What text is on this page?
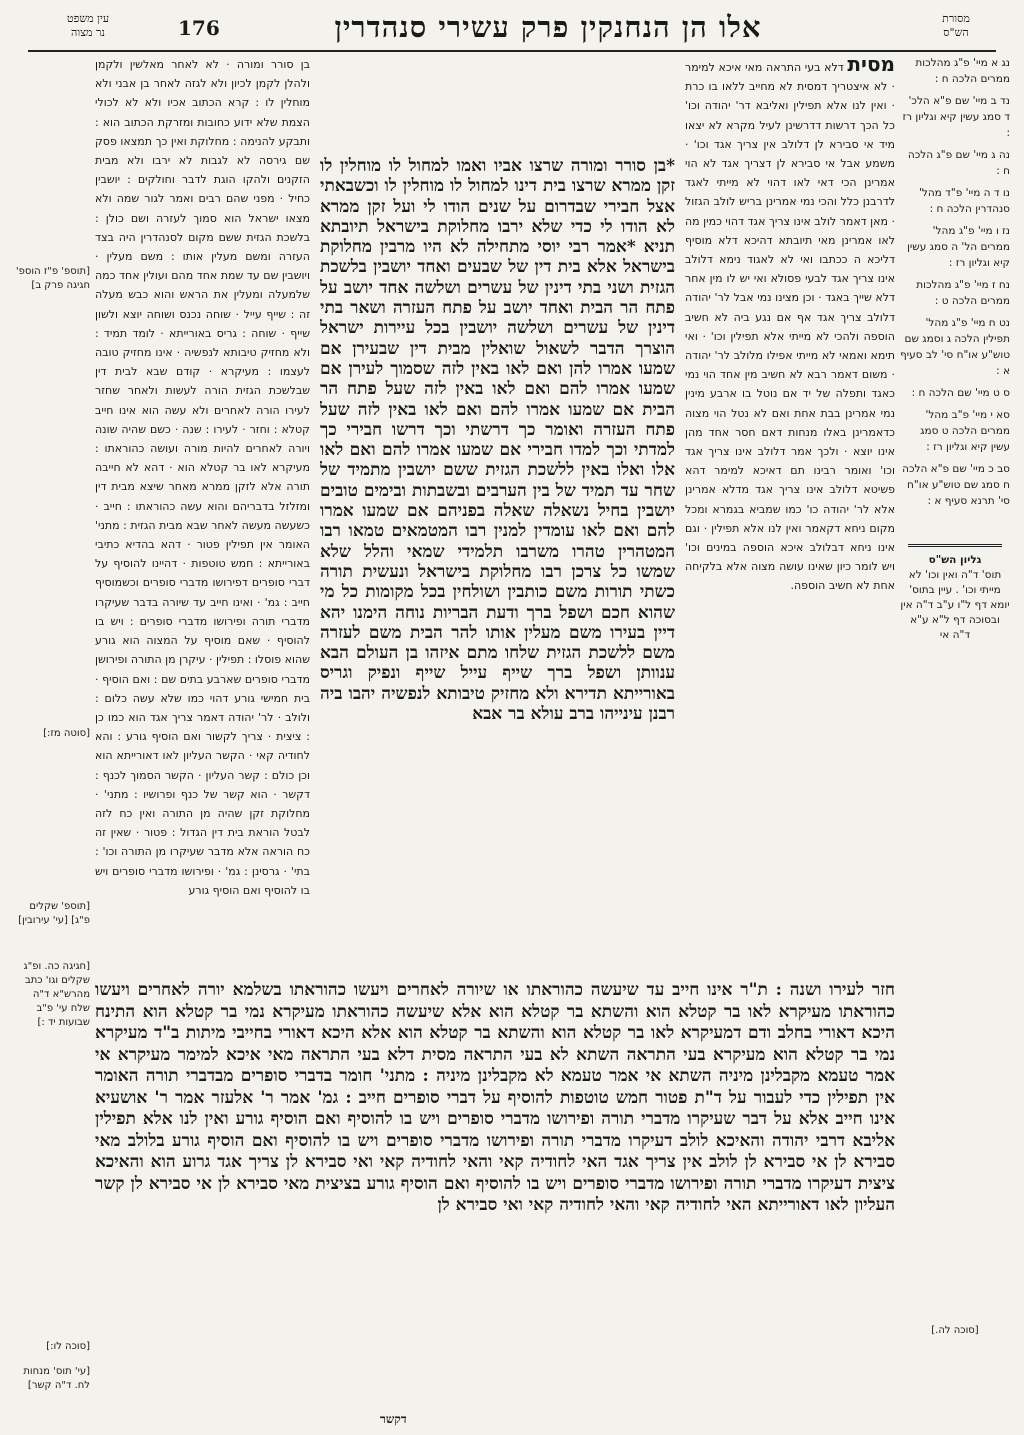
עין משפט
נר מצוה	176	אלו הן הנחנקין פרק עשירי סנהדרין	מסורת
הש"ס
נג א מיי' פ"ג מהלכות ממרים הלכה ח :
נד ב מיי' שם פ"א הלכ' ד סמג עשין קיא וגליון רז :
נה ג מיי' שם פ"ג הלכה ח :
נו ד ה מיי' פ"ד מהל' סנהדרין הלכה ח :
נז ו מיי' פ"ג מהל' ממרים הל' ה סמג עשין קיא וגליון רז :
נח ז מיי' פ"ג מהלכות ממרים הלכה ט :
נט ח מיי' פ"ג מהל' תפילין הלכה ג וסמג שם טוש"ע או"ח סי' לב סעיף א :
ס ט מיי' שם הלכה ח :
סא י מיי' פ"ב מהל' ממרים הלכה ט סמג עשין קיא וגליון רז :
סב כ מיי' שם פ"א הלכה ח סמג שם טוש"ע או"ח סי' תרנא סעיף א :
גליון הש"ס
תוס' ד"ה ואין וכו' לא מייתי וכו' . עיין בתוס' יומא דף ל"ו ע"ב ד"ה אין ובסוכה דף ל"א ע"א ד"ה אי
[סוכה לה.]
מסית דלא בעי התראה מאי איכא למימר · לא איצטריך דמסית לא מחייב ללאו בו כרת · ואין לנו אלא תפילין ואליבא דר' יהודה וכו' כל הכך דרשות דדרשינן לעיל מקרא לא יצאו מיד אי סבירא לן דלולב אין צריך אגד וכו' · משמע אבל אי סבירא לן דצריך אגד לא הוי אמרינן הכי דאי לאו דהוי לא מייתי לאגד לדרבנן כלל והכי נמי אמרינן בריש לולב הגזול · מאן דאמר לולב אינו צריך אגד דהוי כמין מה לאו אמרינן מאי תיובתא דהיכא דלא מוסיף דליכא ה ככתבו ואי לא לאגוד נימא דלולב אינו צריך אגד לבעי פסולא ואי יש לו מין אחר דלא שייך באגד · וכן מצינו נמי אבל לר' יהודה דלולב צריך אגד אף אם נגע ביה לא חשיב הוספה ולהכי לא מייתי אלא תפילין וכו' · ואי תימא ואמאי לא מייתי אפילו מלולב לר' יהודה · משום דאמר רבא לא חשיב מין אחד הוי נמי כאגד ותפלה של יד אם נוטל בו ארבע מינין נמי אמרינן בבת אחת ואם לא נטל הוי מצוה כדאמרינן באלו מנחות דאם חסר אחד מהן אינו יוצא · ולכך אמר דלולב אינו צריך אגד וכו' ואומר רבינו תם דאיכא למימר דהא פשיטא דלולב אינו צריך אגד מדלא אמרינן אלא לר' יהודה כו' כמו שמביא בגמרא ומכל מקום ניחא דקאמר ואין לנו אלא תפילין · וגם אינו ניחא דבלולב איכא הוספה במינים וכו' ויש לומר כיון שאינו עושה מצוה אלא בלקיחה אחת לא חשיב הוספה.
*בן סורר ומורה שרצו אביו ואמו למחול לו מוחלין לו זקן ממרא שרצו בית דינו למחול לו מוחלין לו וכשבאתי אצל חבירי שבדרום על שנים הודו לי ועל זקן ממרא לא הודו לי כדי שלא ירבו מחלוקת בישראל תיובתא תניא *אמר רבי יוסי מתחילה לא היו מרבין מחלוקת בישראל אלא בית דין של שבעים ואחד יושבין בלשכת הגזית ושני בתי דינין של עשרים ושלשה אחד יושב על פתח הר הבית ואחד יושב על פתח העזרה ושאר בתי דינין של עשרים ושלשה יושבין בכל עיירות ישראל הוצרך הדבר לשאול שואלין מבית דין שבעירן אם שמעו אמרו להן ואם לאו באין לזה שסמוך לעירן אם שמעו אמרו להם ואם לאו באין לזה שעל פתח הר הבית אם שמעו אמרו להם ואם לאו באין לזה שעל פתח העזרה ואומר כך דרשתי וכך דרשו חבירי כך למדתי וכך למדו חבירי אם שמעו אמרו להם ואם לאו אלו ואלו באין ללשכת הגזית ששם יושבין מתמיד של שחר עד תמיד של בין הערבים ובשבתות ובימים טובים יושבין בחיל נשאלה שאלה בפניהם אם שמעו אמרו להם ואם לאו עומדין למנין רבו המטמאים טמאו רבו המטהרין טהרו משרבו תלמידי שמאי והלל שלא שמשו כל צרכן רבו מחלוקת בישראל ונעשית תורה כשתי תורות משם כותבין ושולחין בכל מקומות כל מי שהוא חכם ושפל ברך ודעת הבריות נוחה הימנו יהא דיין בעירו משם מעלין אותו להר הבית משם לעזרה משם ללשכת הגזית שלחו מתם איזהו בן העולם הבא ענוותן ושפל ברך שייף עייל שייף ונפיק וגריס באורייתא תדירא ולא מחזיק טיבותא לנפשיה יהבו ביה רבנן עינייהו ברב עולא בר אבא
בן סורר ומורה · לא לאחר מאלשין ולקמן ולהלן לקמן לכיון ולא לגזה לאחר בן אבני ולא מוחלין לו : קרא הכתוב אכיו ולא לא לכולי הצמת שלא ידוע כחובות ומזרקת הכתוב הוא : ותבקע להנימה : מחלוקת ואין כך תמצאו פסק שם גירסה לא לגבות לא ירבו ולא מבית הזקנים ולהקו הוגת לדבר וחולקים : יושבין כחיל · מפני שהם רבים ואמר לגור שמה ולא מצאו ישראל הוא סמוך לעזרה ושם כולן : בלשכת הגזית ששם מקום לסנהדרין היה בצד העזרה ומשם מעלין אותו : משם מעלין · ויושבין שם עד שמת אחד מהם ועולין אחד כמה שלמעלה ומעלין את הראש והוא כבש מעלה זה : שייף עייל · שוחה נכנס ושוחה יוצא ולשון שייף · שוחה : גריס באורייתא · לומד תמיד : ולא מחזיק טיבותא לנפשיה · אינו מחזיק טובה לעצמו : מעיקרא · קודם שבא לבית דין שבלשכת הגזית הורה לעשות ולאחר שחזר לעירו הורה לאחרים ולא עשה הוא אינו חייב קטלא : וחזר · לעירו : שנה · כשם שהיה שונה ויורה לאחרים להיות מורה ועושה כהוראתו : מעיקרא לאו בר קטלא הוא · דהא לא חייבה תורה אלא לזקן ממרא מאחר שיצא מבית דין ומזלזל בדבריהם והוא עשה כהוראתו : חייב · כשעשה מעשה לאחר שבא מבית הגזית : מתני' האומר אין תפילין פטור · דהא בהדיא כתיבי באורייתא : חמש טוטפות · דהיינו להוסיף על דברי סופרים דפירושו מדברי סופרים וכשמוסיף חייב : גמ' · ואינו חייב עד שיורה בדבר שעיקרו מדברי תורה ופירושו מדברי סופרים : ויש בו להוסיף · שאם מוסיף על המצוה הוא גורע שהוא פוסלו : תפילין · עיקרן מן התורה ופירושן מדברי סופרים שארבע בתים שם : ואם הוסיף · בית חמישי גורע דהוי כמו שלא עשה כלום : ולולב · לר' יהודה דאמר צריך אגד הוא כמו כן : ציצית · צריך לקשור ואם הוסיף גורע : והא לחודיה קאי · הקשר העליון לאו דאורייתא הוא וכן כולם : קשר העליון · הקשר הסמוך לכנף : דקשר · הוא קשר של כנף ופרושיו : מתני' · מחלוקת זקן שהיה מן התורה ואין כח לזה לבטל הוראת בית דין הגדול : פטור · שאין זה כח הוראה אלא מדבר שעיקרו מן התורה וכו' : בתי' · גרסינן : גמ' · ופירושו מדברי סופרים ויש בו להוסיף ואם הוסיף גורע
חזר לעירו ושנה : ת"ר אינו חייב עד שיעשה כהוראתו או שיורה לאחרים ויעשו כהוראתו בשלמא יורה לאחרים ויעשו כהוראתו מעיקרא לאו בר קטלא הוא והשתא בר קטלא הוא אלא שיעשה כהוראתו מעיקרא נמי בר קטלא הוא התינח היכא דאורי בחלב ודם דמעיקרא לאו בר קטלא הוא והשתא בר קטלא הוא אלא היכא דאורי בחייבי מיתות ב"ד מעיקרא נמי בר קטלא הוא מעיקרא בעי התראה השתא לא בעי התראה מסית דלא בעי התראה מאי איכא למימר מעיקרא אי אמר טעמא מקבלינן מיניה השתא אי אמר טעמא לא מקבלינן מיניה : מתני' חומר בדברי סופרים מבדברי תורה האומר אין תפילין כדי לעבור על ד"ת פטור חמש טוטפות להוסיף על דברי סופרים חייב : גמ' אמר ר' אלעזר אמר ר' אושעיא אינו חייב אלא על דבר שעיקרו מדברי תורה ופירושו מדברי סופרים ויש בו להוסיף ואם הוסיף גורע ואין לנו אלא תפילין אליבא דרבי יהודה והאיכא לולב דעיקרו מדברי תורה ופירושו מדברי סופרים ויש בו להוסיף ואם הוסיף גורע בלולב מאי סבירא לן אי סבירא לן לולב אין צריך אגד האי לחודיה קאי והאי לחודיה קאי ואי סבירא לן צריך אגד גרוע הוא והאיכא ציצית דעיקרו מדברי תורה ופירושו מדברי סופרים ויש בו להוסיף ואם הוסיף גורע בציצית מאי סבירא לן אי סבירא לן קשר העליון לאו דאורייתא האי לחודיה קאי והאי לחודיה קאי ואי סבירא לן
[תוספ' פ"ז הוספ' חגיגה פרק ב]
[סוטה מז:]
[תוספ' שקלים פ"ג] [עי' עירובין]
[חגיגה כה. ופ"ג שקלים וגו' כתב מהרש"א ד"ה שלח עי' פ"ב שבועות יד :]
[סוכה לו:]
[עי' תוס' מנחות לח. ד"ה קשר]
דקשר
